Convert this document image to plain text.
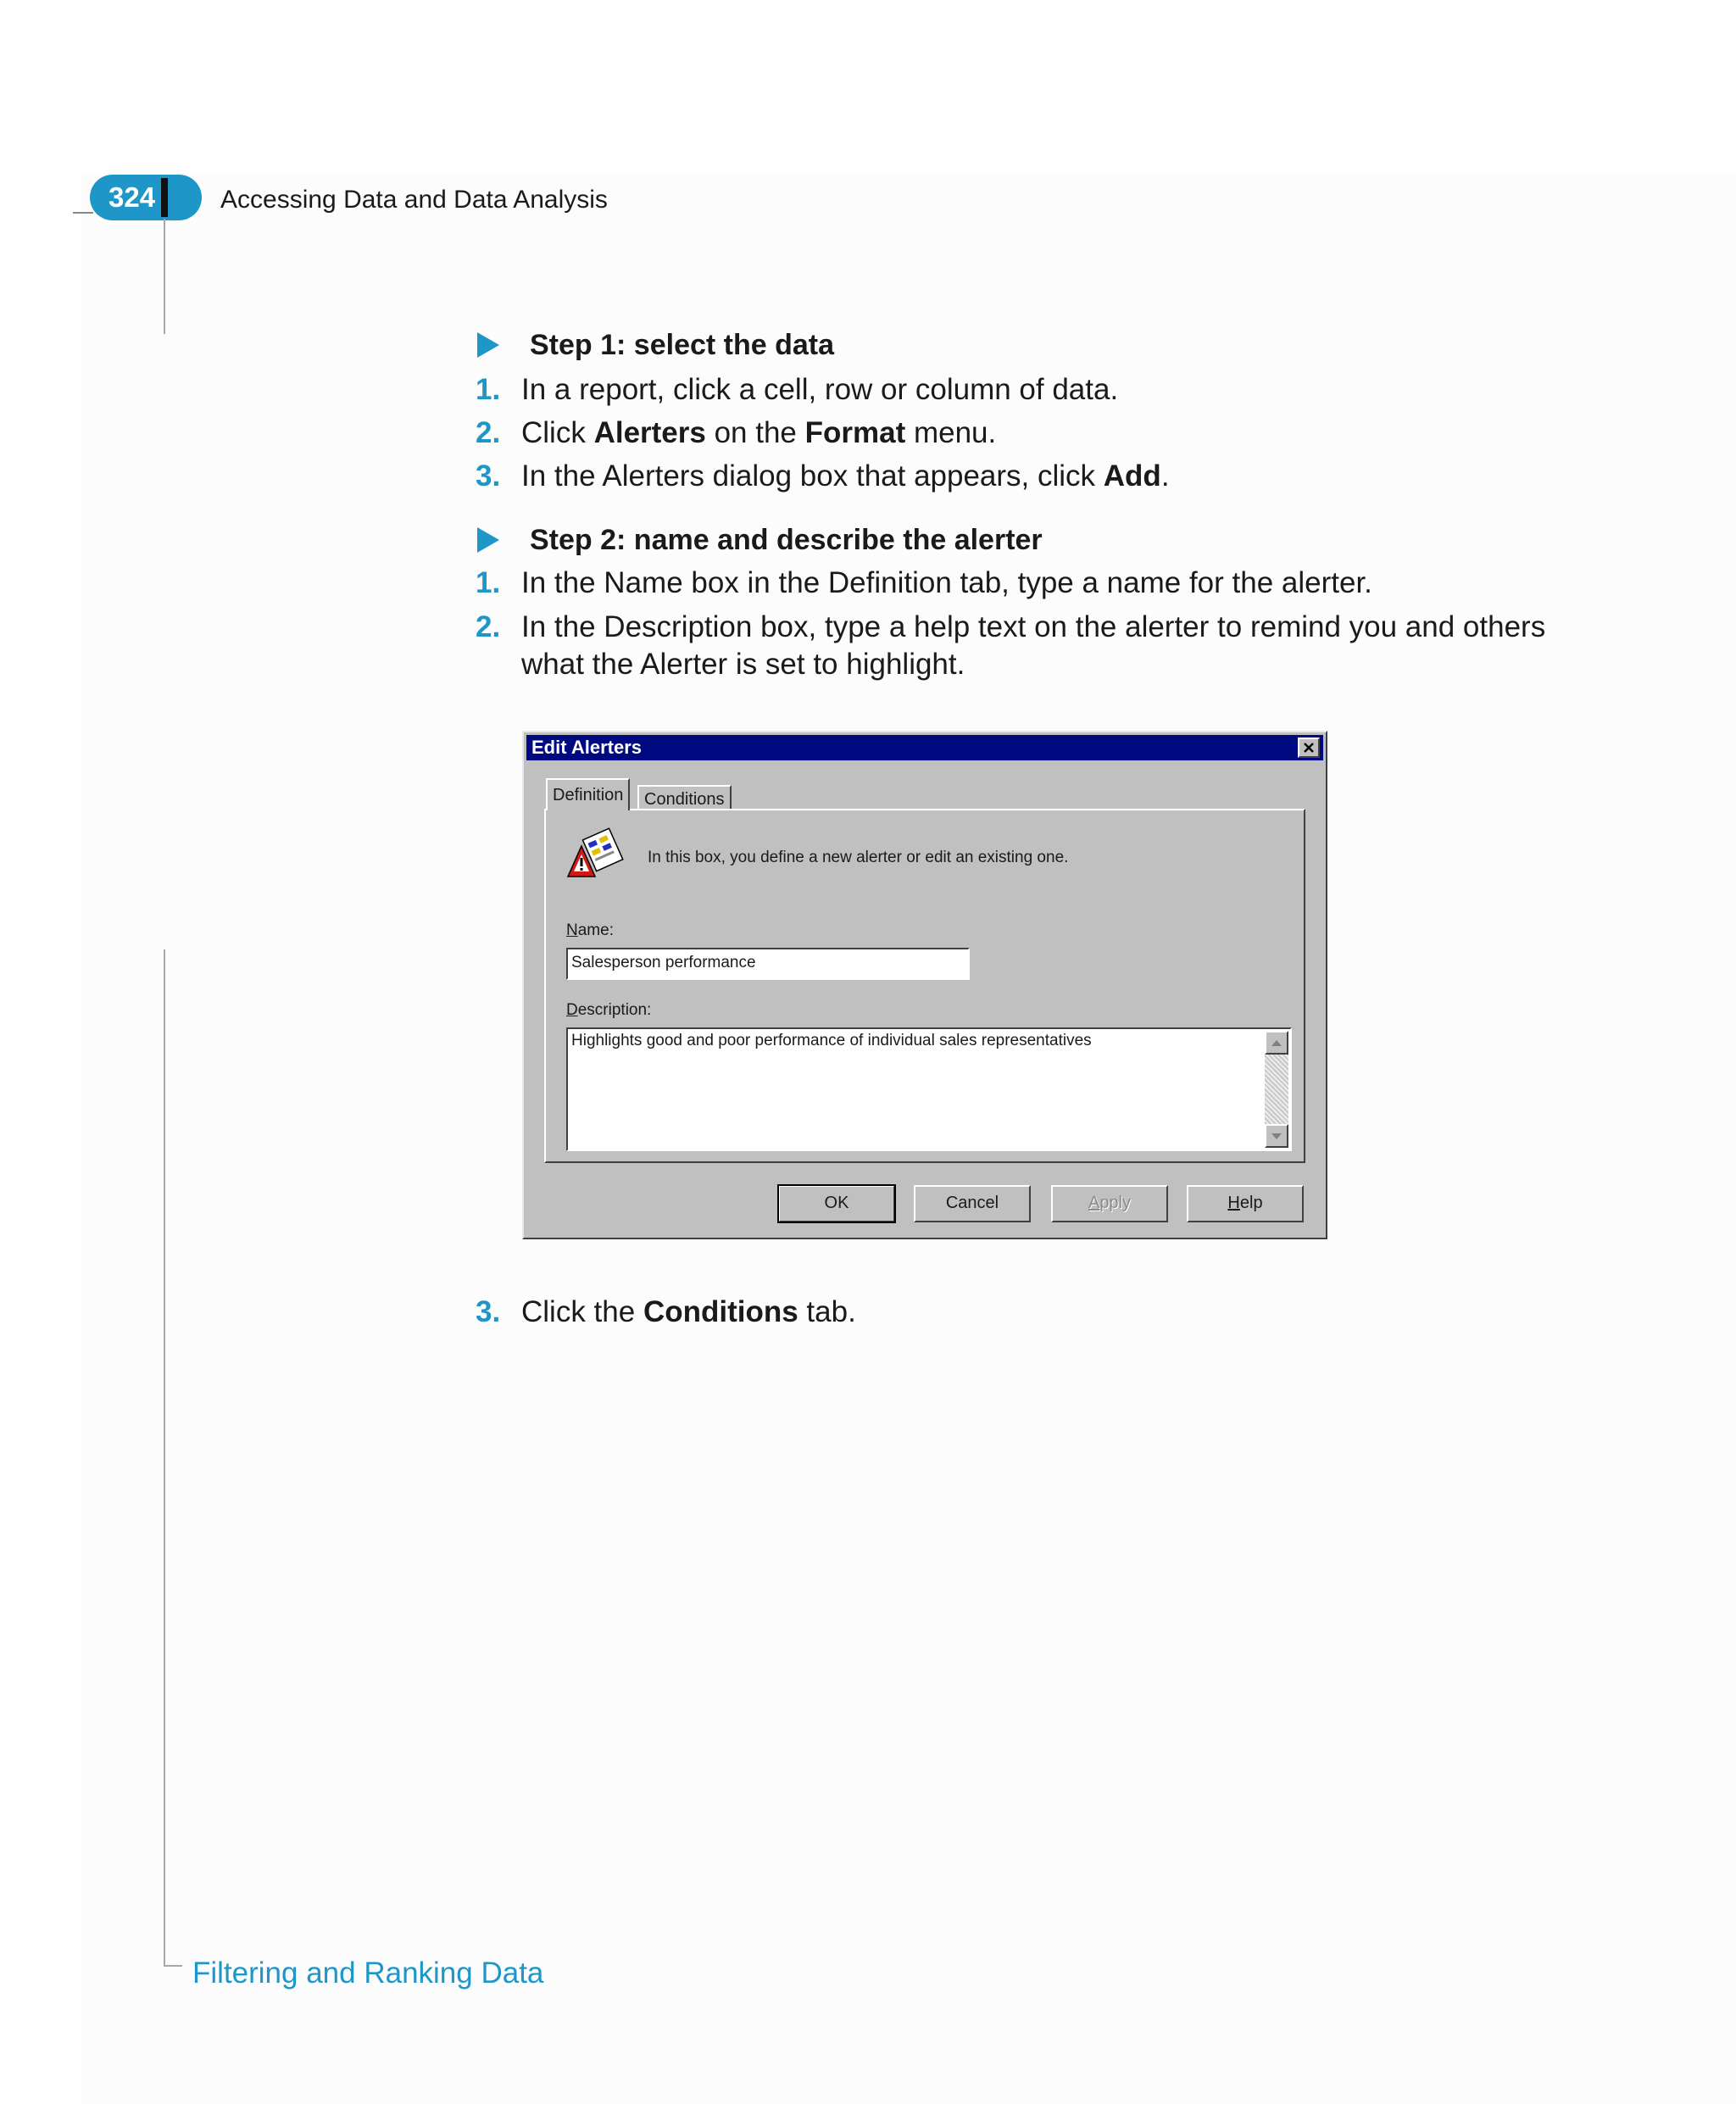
324	Accessing Data and Data Analysis
Step 1: select the data
1. In a report, click a cell, row or column of data.
2. Click Alerters on the Format menu.
3. In the Alerters dialog box that appears, click Add.
Step 2: name and describe the alerter
1. In the Name box in the Definition tab, type a name for the alerter.
2. In the Description box, type a help text on the alerter to remind you and others
what the Alerter is set to highlight.
Edit Alerters
Definition	Conditions
In this box, you define a new alerter or edit an existing one.
Name:
Salesperson performance
Description:
Highlights good and poor performance of individual sales representatives
OK	Cancel	Apply	Help
3. Click the Conditions tab.
Filtering and Ranking Data
